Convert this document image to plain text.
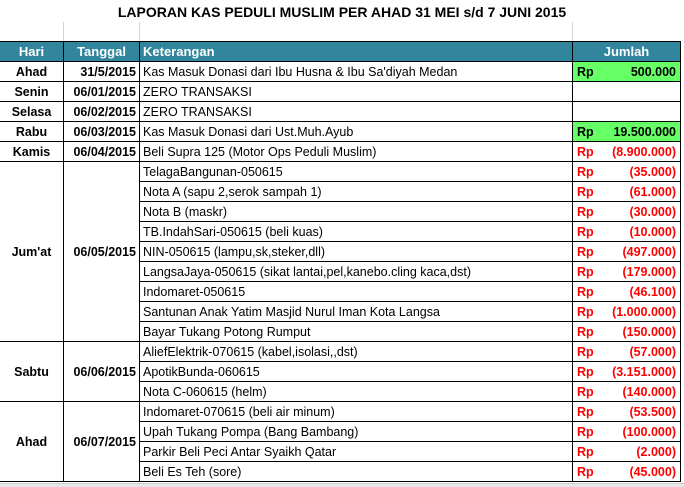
LAPORAN KAS PEDULI MUSLIM PER AHAD 31 MEI s/d 7 JUNI 2015
Hari	Tanggal	Keterangan	Jumlah
Ahad	31/5/2015	Kas Masuk Donasi dari Ibu Husna & Ibu Sa'diyah Medan	Rp 500.000

Senin	06/01/2015	ZERO TRANSAKSI	
Selasa	06/02/2015	ZERO TRANSAKSI	
Rabu	06/03/2015	Kas Masuk Donasi dari Ust.Muh.Ayub	Rp 19.500.000

Kamis	06/04/2015	Beli Supra 125 (Motor Ops Peduli Muslim)	Rp (8.900.000)

Jum'at	06/05/2015	TelagaBangunan-050615	Rp (35.000)

		Nota A (sapu 2,serok sampah 1)	Rp (61.000)

		Nota B (maskr)	Rp (30.000)

		TB.IndahSari-050615 (beli kuas)	Rp (10.000)

		NIN-050615 (lampu,sk,steker,dll)	Rp (497.000)

		LangsaJaya-050615 (sikat lantai,pel,kanebo.cling kaca,dst)	Rp (179.000)

		Indomaret-050615	Rp (46.100)

		Santunan Anak Yatim Masjid Nurul Iman Kota Langsa	Rp (1.000.000)

		Bayar Tukang Potong Rumput	Rp (150.000)

Sabtu	06/06/2015	AliefElektrik-070615 (kabel,isolasi,,dst)	Rp (57.000)

		ApotikBunda-060615	Rp (3.151.000)

		Nota C-060615 (helm)	Rp (140.000)

Ahad	06/07/2015	Indomaret-070615 (beli air minum)	Rp (53.500)

		Upah Tukang Pompa (Bang Bambang)	Rp (100.000)

		Parkir Beli Peci Antar Syaikh Qatar	Rp (2.000)

		Beli Es Teh (sore)	Rp (45.000)
